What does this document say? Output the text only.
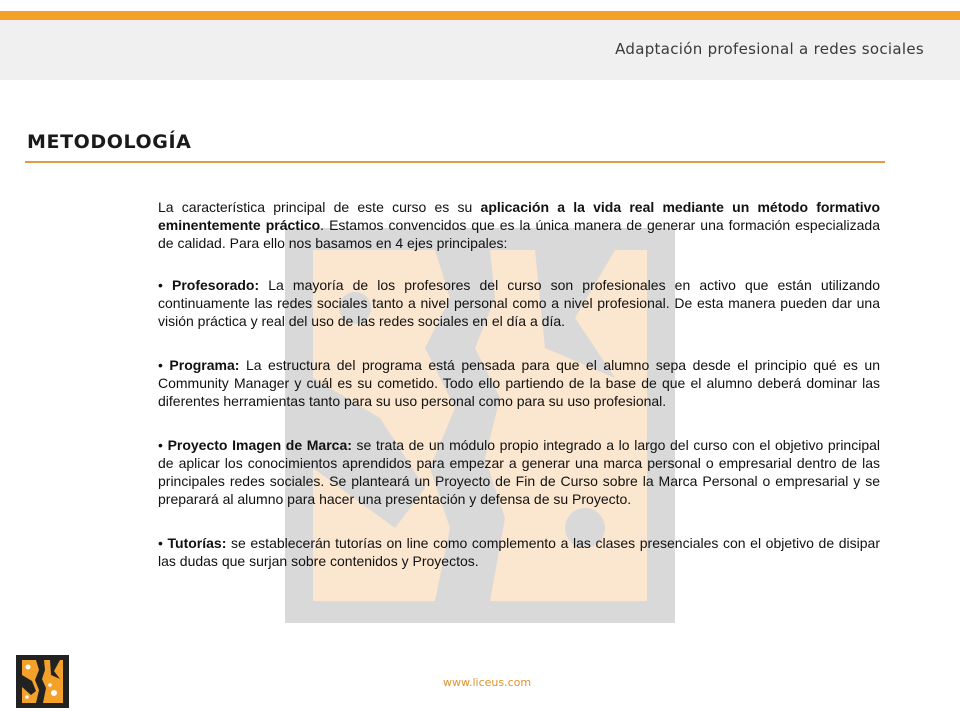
Adaptación profesional a redes sociales
METODOLOGÍA

La característica principal de este curso es su aplicación a la vida real mediante un método formativo eminentemente práctico. Estamos convencidos que es la única manera de generar una formación especializada de calidad. Para ello nos basamos en 4 ejes principales:

• Profesorado: La mayoría de los profesores del curso son profesionales en activo que están utilizando continuamente las redes sociales tanto a nivel personal como a nivel profesional. De esta manera pueden dar una visión práctica y real del uso de las redes sociales en el día a día.

• Programa: La estructura del programa está pensada para que el alumno sepa desde el principio qué es un Community Manager y cuál es su cometido. Todo ello partiendo de la base de que el alumno deberá dominar las diferentes herramientas tanto para su uso personal como para su uso profesional.

• Proyecto Imagen de Marca: se trata de un módulo propio integrado a lo largo del curso con el objetivo principal de aplicar los conocimientos aprendidos para empezar a generar una marca personal o empresarial dentro de las principales redes sociales. Se planteará un Proyecto de Fin de Curso sobre la Marca Personal o empresarial y se preparará al alumno para hacer una presentación y defensa de su Proyecto.

• Tutorías: se establecerán tutorías on line como complemento a las clases presenciales con el objetivo de disipar las dudas que surjan sobre contenidos y Proyectos.

www.liceus.com
